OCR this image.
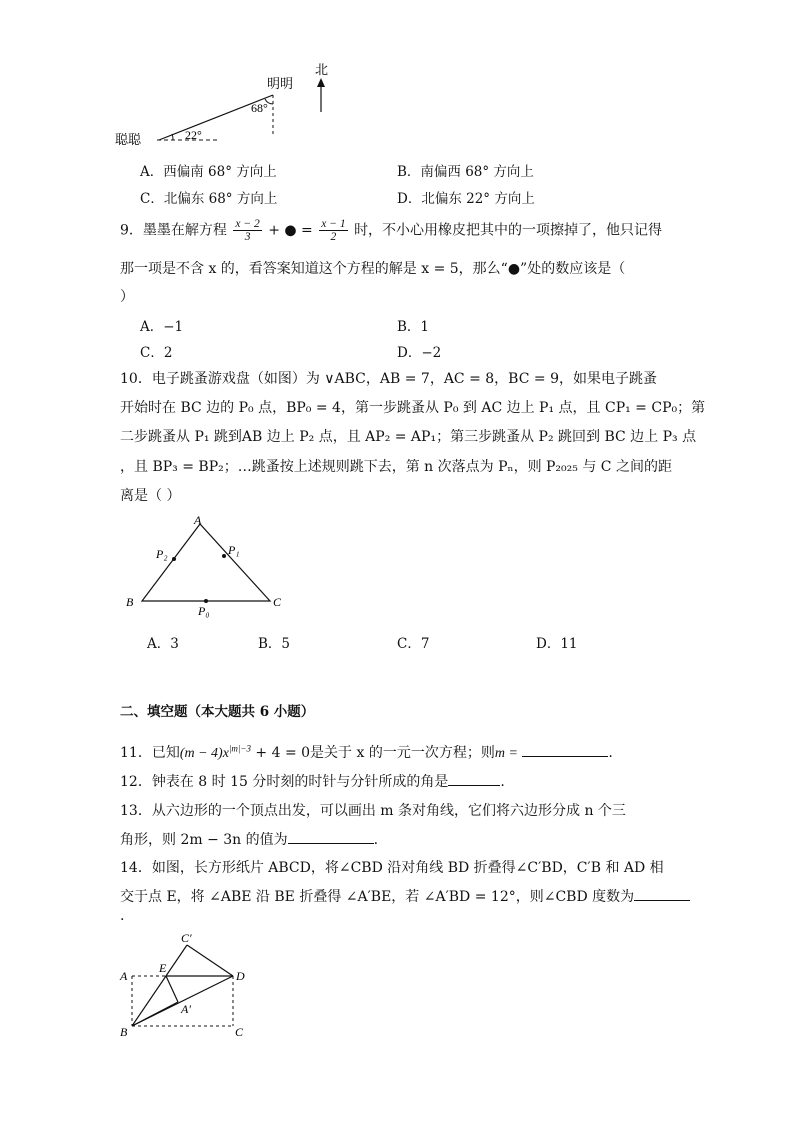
北
明明
聪聪
68°
22°
A．西偏南 68° 方向上	B．南偏西 68° 方向上
C．北偏东 68° 方向上	D．北偏东 22° 方向上
9．墨墨在解方程 $\frac{x - 2}{3}$ + ● = $\frac{x - 1}{2}$ 时，不小心用橡皮把其中的一项擦掉了，他只记得
那一项是不含 x 的，看答案知道这个方程的解是 x = 5，那么“●”处的数应该是（
）
A．−1	B．1
C．2	D．−2
10．电子跳蚤游戏盘（如图）为 ∨ABC，AB = 7，AC = 8，BC = 9，如果电子跳蚤
开始时在 BC 边的 P₀ 点，BP₀ = 4，第一步跳蚤从 P₀ 到 AC 边上 P₁ 点，且 CP₁ = CP₀；第
二步跳蚤从 P₁ 跳到AB 边上 P₂ 点，且 AP₂ = AP₁；第三步跳蚤从 P₂ 跳回到 BC 边上 P₃ 点
，且 BP₃ = BP₂；…跳蚤按上述规则跳下去，第 n 次落点为 Pₙ，则 P₂₀₂₅ 与 C 之间的距
离是（ ）
A
B	C
P₂	P₁
P₀
A．3	B．5	C．7	D．11
二、填空题（本大题共 6 小题）
11．已知$(m - 4)x^{|m|-3} + 4 = 0$是关于 x 的一元一次方程；则m =	.
12．钟表在 8 时 15 分时刻的时针与分针所成的角是	.
13．从六边形的一个顶点出发，可以画出 m 条对角线，它们将六边形分成 n 个三
角形，则 2m − 3n 的值为	.
14．如图，长方形纸片 ABCD，将∠CBD 沿对角线 BD 折叠得∠C′BD，C′B 和 AD 相
交于点 E，将 ∠ABE 沿 BE 折叠得 ∠A′BE，若 ∠A′BD = 12°，则∠CBD 度数为
.
C′
A
E
D
A′
B	C
